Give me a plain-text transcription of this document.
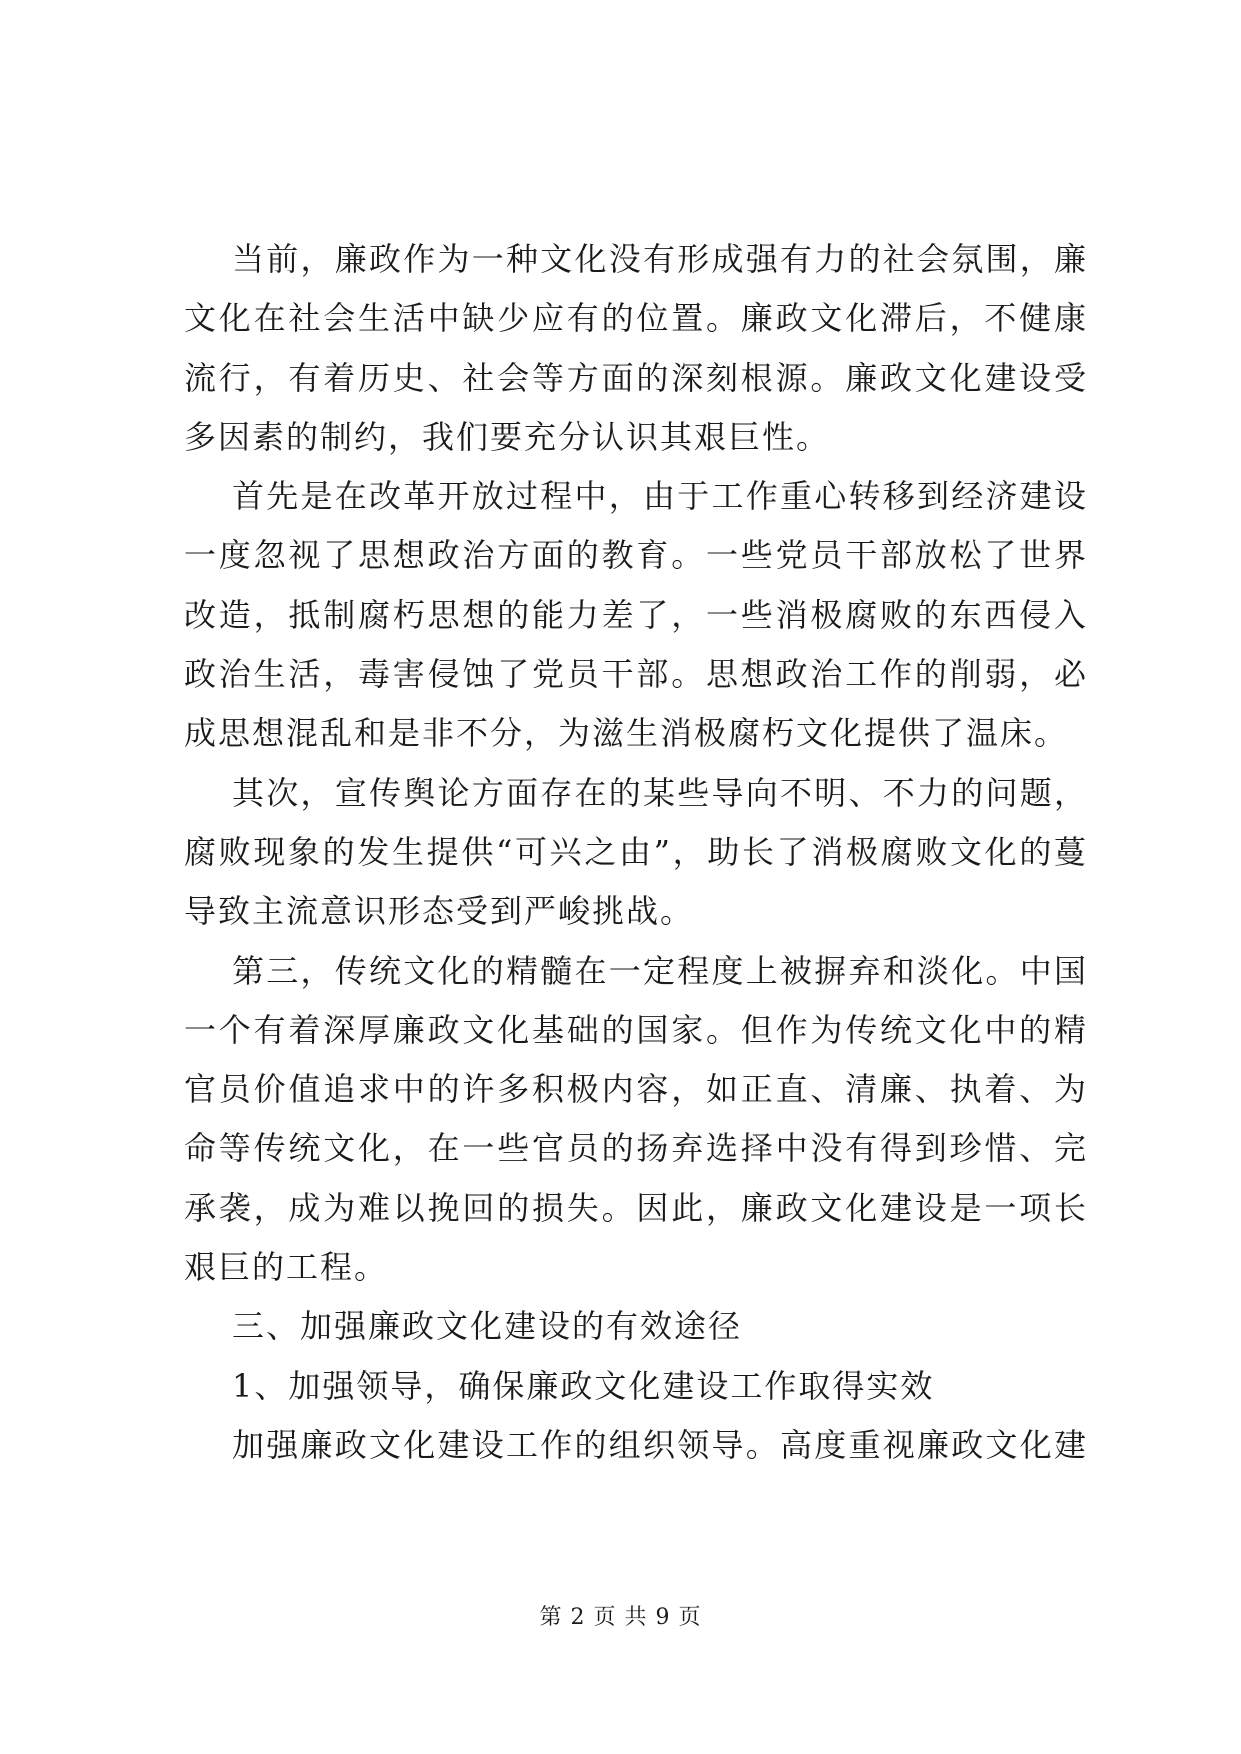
当前，廉政作为一种文化没有形成强有力的社会氛围，廉
文化在社会生活中缺少应有的位置。廉政文化滞后，不健康
流行，有着历史、社会等方面的深刻根源。廉政文化建设受
多因素的制约，我们要充分认识其艰巨性。
首先是在改革开放过程中，由于工作重心转移到经济建设
一度忽视了思想政治方面的教育。一些党员干部放松了世界
改造，抵制腐朽思想的能力差了，一些消极腐败的东西侵入
政治生活，毒害侵蚀了党员干部。思想政治工作的削弱，必
成思想混乱和是非不分，为滋生消极腐朽文化提供了温床。
其次，宣传舆论方面存在的某些导向不明、不力的问题，
腐败现象的发生提供“可兴之由”，助长了消极腐败文化的蔓
导致主流意识形态受到严峻挑战。
第三，传统文化的精髓在一定程度上被摒弃和淡化。中国
一个有着深厚廉政文化基础的国家。但作为传统文化中的精
官员价值追求中的许多积极内容，如正直、清廉、执着、为
命等传统文化，在一些官员的扬弃选择中没有得到珍惜、完
承袭，成为难以挽回的损失。因此，廉政文化建设是一项长
艰巨的工程。
三、加强廉政文化建设的有效途径
1、加强领导，确保廉政文化建设工作取得实效
加强廉政文化建设工作的组织领导。高度重视廉政文化建
第 2 页 共 9 页
